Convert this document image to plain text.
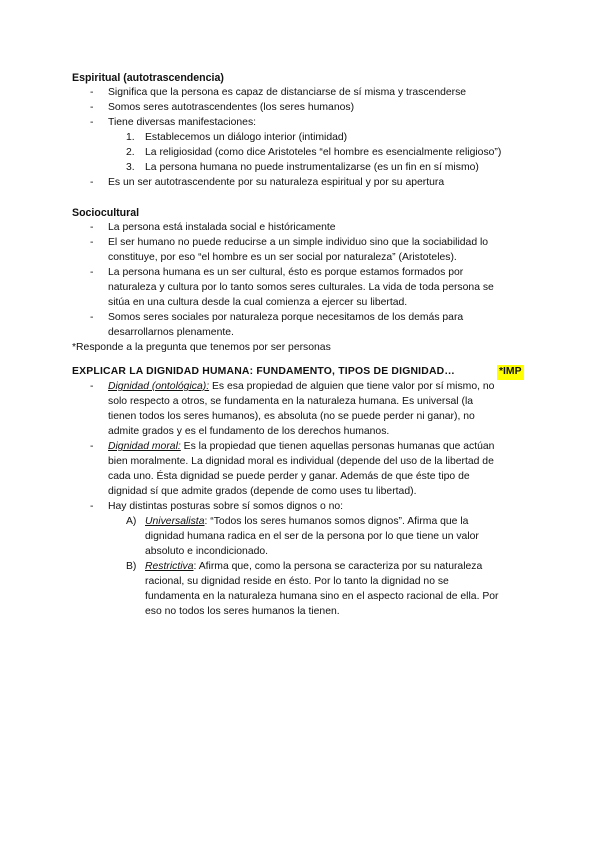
Espiritual (autotrascendencia)
- Significa que la persona es capaz de distanciarse de sí misma y trascenderse
- Somos seres autotrascendentes (los seres humanos)
- Tiene diversas manifestaciones:
1. Establecemos un diálogo interior (intimidad)
2. La religiosidad (como dice Aristoteles “el hombre es esencialmente religioso”)
3. La persona humana no puede instrumentalizarse (es un fin en sí mismo)
- Es un ser autotrascendente por su naturaleza espiritual y por su apertura
Sociocultural
- La persona está instalada social e históricamente
- El ser humano no puede reducirse a un simple individuo sino que la sociabilidad lo
constituye, por eso “el hombre es un ser social por naturaleza” (Aristoteles).
- La persona humana es un ser cultural, ésto es porque estamos formados por
naturaleza y cultura por lo tanto somos seres culturales. La vida de toda persona se
sitúa en una cultura desde la cual comienza a ejercer su libertad.
- Somos seres sociales por naturaleza porque necesitamos de los demás para
desarrollarnos plenamente.
*Responde a la pregunta que tenemos por ser personas
EXPLICAR LA DIGNIDAD HUMANA: FUNDAMENTO, TIPOS DE DIGNIDAD…	*IMP
- Dignidad (ontológica): Es esa propiedad de alguien que tiene valor por sí mismo, no
solo respecto a otros, se fundamenta en la naturaleza humana. Es universal (la
tienen todos los seres humanos), es absoluta (no se puede perder ni ganar), no
admite grados y es el fundamento de los derechos humanos.
- Dignidad moral: Es la propiedad que tienen aquellas personas humanas que actúan
bien moralmente. La dignidad moral es individual (depende del uso de la libertad de
cada uno. Ésta dignidad se puede perder y ganar. Además de que éste tipo de
dignidad sí que admite grados (depende de como uses tu libertad).
- Hay distintas posturas sobre sí somos dignos o no:
A) Universalista: “Todos los seres humanos somos dignos”. Afirma que la
dignidad humana radica en el ser de la persona por lo que tiene un valor
absoluto e incondicionado.
B) Restrictiva: Afirma que, como la persona se caracteriza por su naturaleza
racional, su dignidad reside en ésto. Por lo tanto la dignidad no se
fundamenta en la naturaleza humana sino en el aspecto racional de ella. Por
eso no todos los seres humanos la tienen.
